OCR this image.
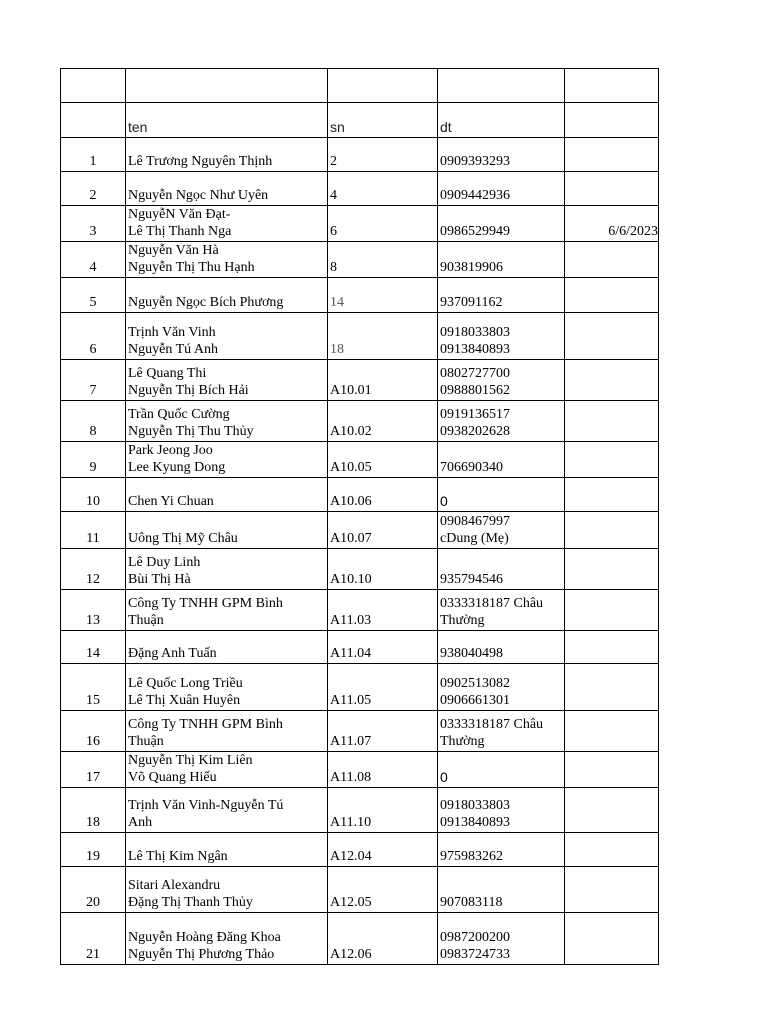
	ten	sn	dt	
1	Lê Trương Nguyên Thịnh	2	0909393293	
2	Nguyễn Ngọc Như Uyên	4	0909442936	
3	NguyễN Văn Đạt-
Lê Thị Thanh Nga	6	0986529949	6/6/2023
4	Nguyễn Văn Hà
Nguyễn Thị Thu Hạnh	8	903819906	
5	Nguyễn Ngọc Bích Phương	14	937091162	
6	Trịnh Văn Vinh
Nguyễn Tú Anh	18	0918033803
0913840893	
7	Lê Quang Thi
Nguyễn Thị Bích Hải	A10.01	0802727700
0988801562	
8	Trần Quốc Cường
Nguyễn Thị Thu Thủy	A10.02	0919136517
0938202628	
9	Park Jeong Joo
Lee Kyung Dong	A10.05	706690340	
10	Chen Yi Chuan	A10.06	0	
11	Uông Thị Mỹ Châu	A10.07	0908467997
cDung (Mẹ)	
12	Lê Duy Linh
Bùi Thị Hà	A10.10	935794546	
13	Công Ty TNHH GPM Bình
Thuận	A11.03	0333318187 Châu
Thường	
14	Đặng Anh Tuấn	A11.04	938040498	
15	Lê Quốc Long Triều
Lê Thị Xuân Huyên	A11.05	0902513082
0906661301	
16	Công Ty TNHH GPM Bình
Thuận	A11.07	0333318187 Châu
Thường	
17	Nguyễn Thị Kim Liên
Võ Quang Hiếu	A11.08	0	
18	Trịnh Văn Vinh-Nguyễn Tú
Anh	A11.10	0918033803
0913840893	
19	Lê Thị Kim Ngân	A12.04	975983262	
20	Sitari Alexandru
Đặng Thị Thanh Thủy	A12.05	907083118	
21	Nguyễn Hoàng Đăng Khoa
Nguyễn Thị Phương Thảo	A12.06	0987200200
0983724733	
